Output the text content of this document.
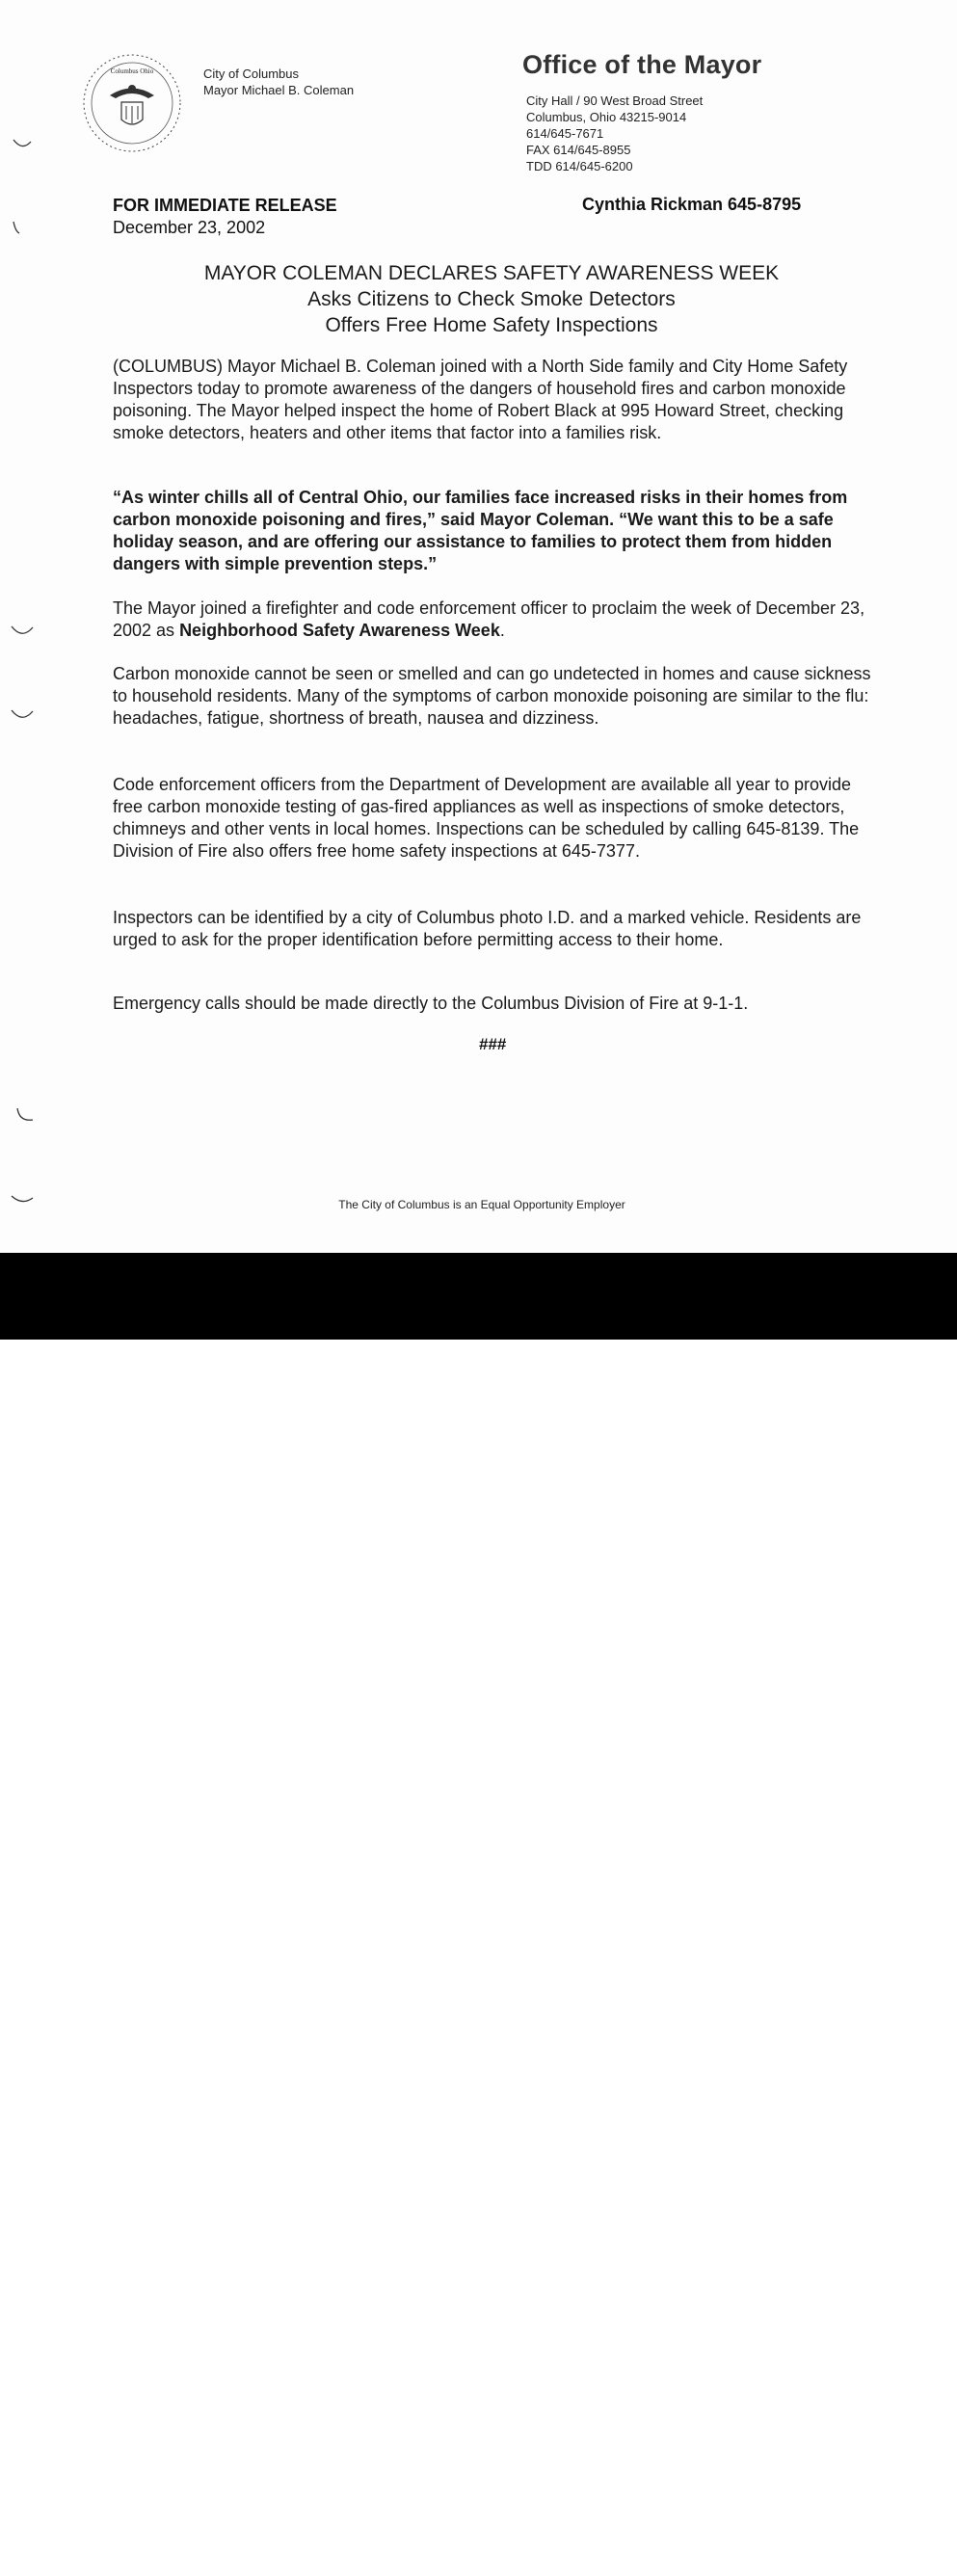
Columbus Ohio	City of Columbus
Mayor Michael B. Coleman
Office of the Mayor
City Hall / 90 West Broad Street
Columbus, Ohio 43215-9014
614/645-7671
FAX 614/645-8955
TDD 614/645-6200
FOR IMMEDIATE RELEASE
December 23, 2002
Cynthia Rickman 645-8795
MAYOR COLEMAN DECLARES SAFETY AWARENESS WEEK
Asks Citizens to Check Smoke Detectors
Offers Free Home Safety Inspections
(COLUMBUS) Mayor Michael B. Coleman joined with a North Side family and City Home Safety Inspectors today to promote awareness of the dangers of household fires and carbon monoxide poisoning. The Mayor helped inspect the home of Robert Black at 995 Howard Street, checking smoke detectors, heaters and other items that factor into a families risk.
“As winter chills all of Central Ohio, our families face increased risks in their homes from carbon monoxide poisoning and fires,” said Mayor Coleman. “We want this to be a safe holiday season, and are offering our assistance to families to protect them from hidden dangers with simple prevention steps.”
The Mayor joined a firefighter and code enforcement officer to proclaim the week of December 23, 2002 as Neighborhood Safety Awareness Week.
Carbon monoxide cannot be seen or smelled and can go undetected in homes and cause sickness to household residents. Many of the symptoms of carbon monoxide poisoning are similar to the flu: headaches, fatigue, shortness of breath, nausea and dizziness.
Code enforcement officers from the Department of Development are available all year to provide free carbon monoxide testing of gas-fired appliances as well as inspections of smoke detectors, chimneys and other vents in local homes. Inspections can be scheduled by calling 645-8139. The Division of Fire also offers free home safety inspections at 645-7377.
Inspectors can be identified by a city of Columbus photo I.D. and a marked vehicle. Residents are urged to ask for the proper identification before permitting access to their home.
Emergency calls should be made directly to the Columbus Division of Fire at 9-1-1.
###
The City of Columbus is an Equal Opportunity Employer
alamy	3BGK172
www.alamy.com
